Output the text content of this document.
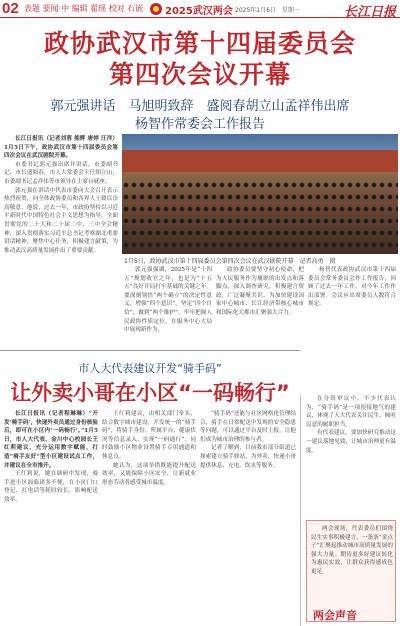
02 表题 要闻·中 编辑 翟瑶 校对 石嵌 2025武汉两会 2025年1月6日　星期一	长江日报
政协武汉市第十四届委员会
第四次会议开幕
郭元强讲话　马旭明致辞　盛阅春胡立山孟祥伟出席
杨智作常委会工作报告

长江日报讯（记者刘蓉 熊辉 唐婷 汪洋）1月5日下午，政协武汉市第十四届委员会第四次会议在武汉剧院开幕。

市委书记郭元强出席并讲话，市委副书记、市长盛阅春，市人大常委会主任胡立山，市委副书记孟祥伟等市领导在主席台就座。

郭元强在讲话中代表市委向大会召开表示热烈祝贺，向全体政协委员和各界人士致以崇高敬意。他说，过去一年，市政协坚持以习近平新时代中国特色社会主义思想为指导，全面贯彻党的二十大和二十届二中、三中全会精神，深入贯彻落实习近平总书记考察湖北重要讲话精神，聚焦中心任务，积极建言献策，为推动武汉高质量发展作出了重要贡献。

1月5日，政协武汉市第十四届委员会第四次会议在武汉剧院开幕　记者高勇　摄

郭元强强调，2025年是“十四五”规划收官之年，也是为“十五五”良好开局打牢基础的关键之年。要深刻领悟“两个确立”的决定性意义，增强“四个意识”，坚定“四个自信”，做到“两个维护”，牢牢把握人民政协性质定位，在服务中心大局中展现新作为。

政协委员要坚守初心使命，把为人民服务作为履职的出发点和落脚点，深入调查研究，积极建言资政，广泛凝聚共识，为加快建设国家中心城市、长江经济带核心城市和国际化大都市汇聚强大合力。

杨智代表政协武汉市第十四届委员会常务委员会作工作报告，回顾了过去一年工作，对今年工作作出部署。会议应出席委员人数符合规定。

市人大代表建议开发“骑手码”
让外卖小哥在小区“一码畅行”

长江日报讯（记者程琳琳）“开发‘骑手码’，快递外卖员通过身份核验后，即可在小区内‘一码畅行’。”1月5日，市人大代表、金川中心校园长王红莉建议，充分运用数字赋能，打造“骑手友好”型小区建设试点工作，并建议在全市推开。

王红莉说，她在调研中发现，骑手进小区面临诸多不便，在小区门口登记、打电话等耗时较长，影响配送效率。

王红莉建议，由相关部门牵头，结合数字城市建设，开发统一的“骑手码”，将骑手身份、所属平台、健康状况等信息录入，实现“一码通行”。同时鼓励小区物业设置骑手专用通道和休息点。

她认为，这项举措既能提升配送效率，又能保障小区安全，让新就业形态劳动者感受城市温度。

“骑手码”还能与社区网格化管理结合，骑手在日常配送中发现的安全隐患等问题，可以通过平台及时上报，让他们成为城市治理的参与者。

记者了解到，目前我市部分街道已探索建立骑手驿站，为外卖、快递小哥提供休息、充电、饮水等服务。

在分组审议中，不少代表认为，“骑手码”是一项很接地气的建议，体现了人大代表关注民生、倾听民意的履职担当。

有代表建议，要加快研究推动这一建议落地见效，让城市治理更有温度。

两会现场，代表委员们围绕民生实事积极建言，一条条“金点子”汇聚起推动城市高质量发展的强大力量。期待更多好建议转化为惠民实效，让群众获得感成色更足。

两会声音
